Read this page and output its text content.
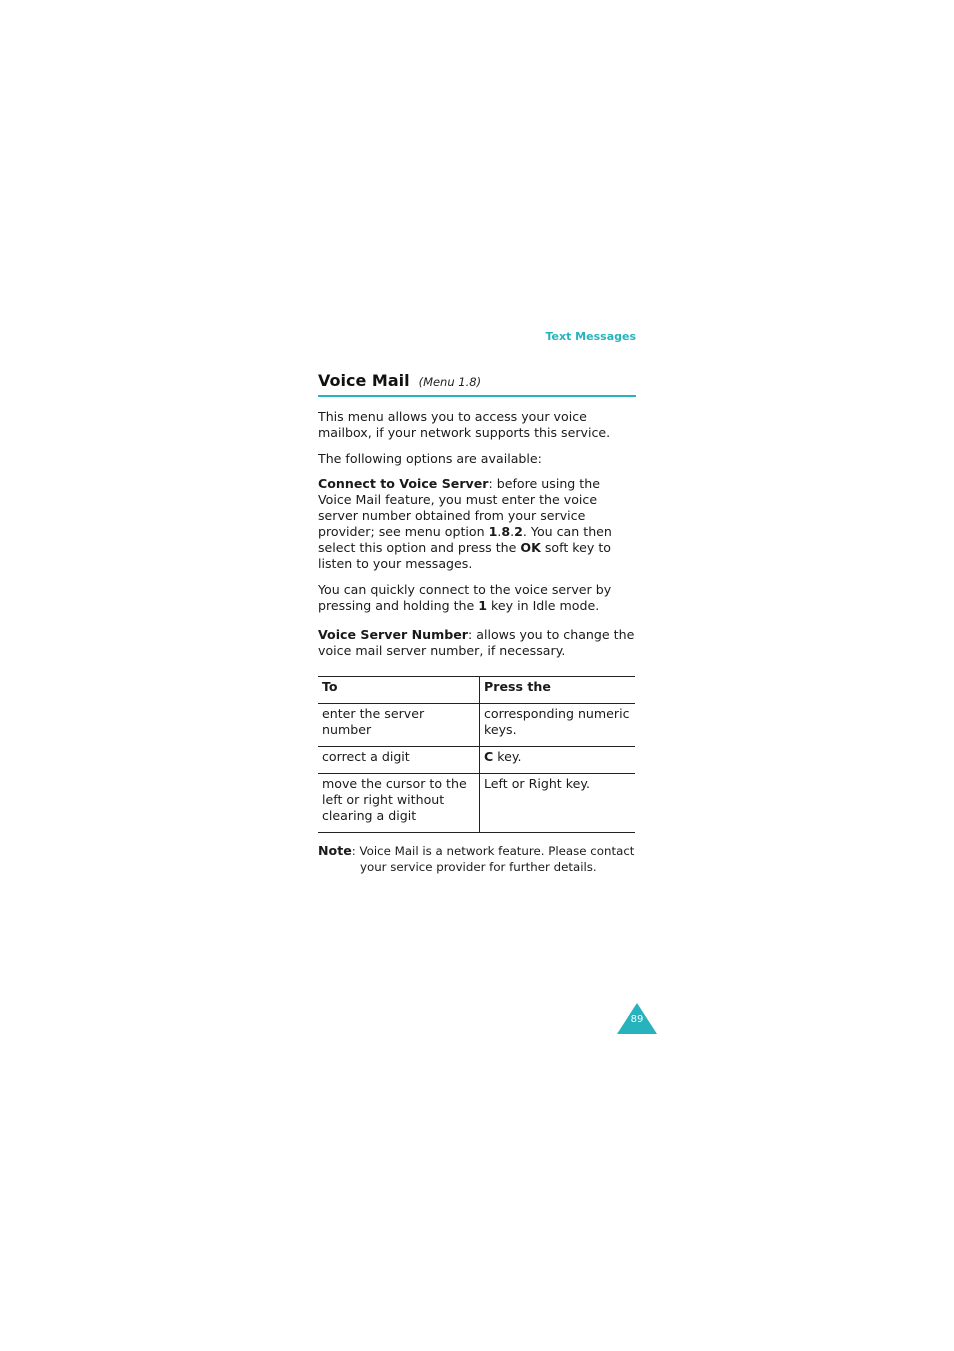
Text Messages
Voice Mail (Menu 1.8)

This menu allows you to access your voice mailbox, if your network supports this service.

The following options are available:

Connect to Voice Server: before using the Voice Mail feature, you must enter the voice server number obtained from your service provider; see menu option 1.8.2. You can then select this option and press the OK soft key to listen to your messages.

You can quickly connect to the voice server by pressing and holding the 1 key in Idle mode.

Voice Server Number: allows you to change the voice mail server number, if necessary.

To	Press the
enter the server number	corresponding numeric keys.
correct a digit	C key.
move the cursor to the left or right without clearing a digit	Left or Right key.
Note: Voice Mail is a network feature. Please contact
your service provider for further details.
89
